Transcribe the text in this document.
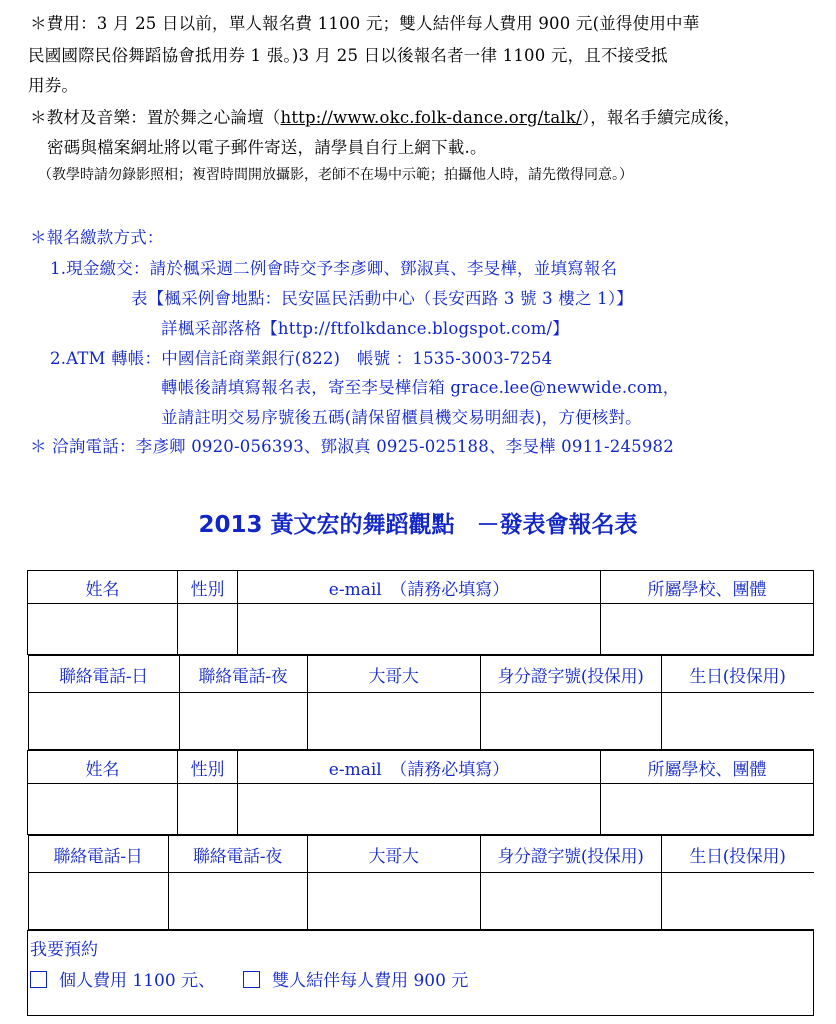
＊費用：3 月 25 日以前，單人報名費 1100 元；雙人結伴每人費用 900 元(並得使用中華
民國國際民俗舞蹈協會抵用券 1 張。)3 月 25 日以後報名者一律 1100 元，且不接受抵
用券。
＊教材及音樂：置於舞之心論壇（http://www.okc.folk-dance.org/talk/），報名手續完成後，
密碼與檔案網址將以電子郵件寄送，請學員自行上網下載.。
（教學時請勿錄影照相；複習時間開放攝影，老師不在場中示範；拍攝他人時，請先徵得同意。）
＊報名繳款方式：
1.現金繳交：請於楓采週二例會時交予李彥卿、鄧淑真、李旻樺，並填寫報名
表【楓采例會地點：民安區民活動中心（長安西路 3 號 3 樓之 1）】
詳楓采部落格【http://ftfolkdance.blogspot.com/】
2.ATM 轉帳：中國信託商業銀行(822)　帳號 ：1535-3003-7254
轉帳後請填寫報名表，寄至李旻樺信箱 grace.lee@newwide.com，
並請註明交易序號後五碼(請保留櫃員機交易明細表)，方便核對。
＊ 洽詢電話：李彥卿 0920-056393、鄧淑真 0925-025188、李旻樺 0911-245982
2013 黃文宏的舞蹈觀點 －發表會報名表
姓名	性別	e-mail　（請務必填寫）	所屬學校、團體

聯絡電話-日	聯絡電話-夜	大哥大	身分證字號(投保用)	生日(投保用)

姓名	性別	e-mail　（請務必填寫）	所屬學校、團體

聯絡電話-日	聯絡電話-夜	大哥大	身分證字號(投保用)	生日(投保用)

我要預約
個人費用 1100 元、	雙人結伴每人費用 900 元
